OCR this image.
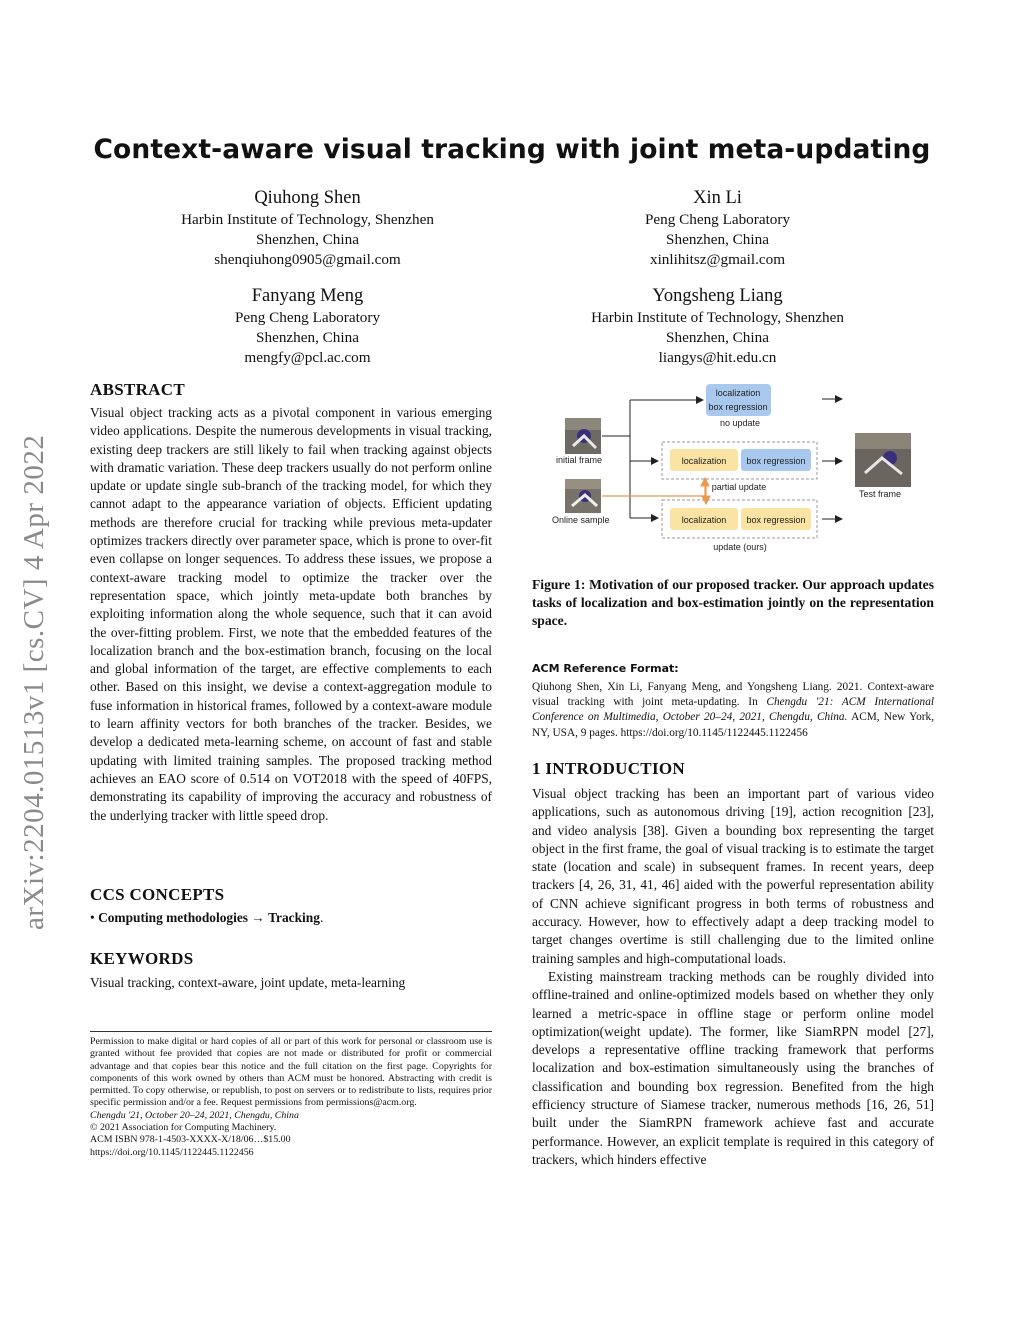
arXiv:2204.01513v1 [cs.CV] 4 Apr 2022
Context-aware visual tracking with joint meta-updating
Qiuhong Shen
Harbin Institute of Technology, Shenzhen
Shenzhen, China
shenqiuhong0905@gmail.com
Xin Li
Peng Cheng Laboratory
Shenzhen, China
xinlihitsz@gmail.com
Fanyang Meng
Peng Cheng Laboratory
Shenzhen, China
mengfy@pcl.ac.com
Yongsheng Liang
Harbin Institute of Technology, Shenzhen
Shenzhen, China
liangys@hit.edu.cn
ABSTRACT
Visual object tracking acts as a pivotal component in various emerging video applications. Despite the numerous developments in visual tracking, existing deep trackers are still likely to fail when tracking against objects with dramatic variation. These deep trackers usually do not perform online update or update single sub-branch of the tracking model, for which they cannot adapt to the appearance variation of objects. Efficient updating methods are therefore crucial for tracking while previous meta-updater optimizes trackers directly over parameter space, which is prone to over-fit even collapse on longer sequences. To address these issues, we propose a context-aware tracking model to optimize the tracker over the representation space, which jointly meta-update both branches by exploiting information along the whole sequence, such that it can avoid the over-fitting problem. First, we note that the embedded features of the localization branch and the box-estimation branch, focusing on the local and global information of the target, are effective complements to each other. Based on this insight, we devise a context-aggregation module to fuse information in historical frames, followed by a context-aware module to learn affinity vectors for both branches of the tracker. Besides, we develop a dedicated meta-learning scheme, on account of fast and stable updating with limited training samples. The proposed tracking method achieves an EAO score of 0.514 on VOT2018 with the speed of 40FPS, demonstrating its capability of improving the accuracy and robustness of the underlying tracker with little speed drop.
CCS CONCEPTS
• Computing methodologies → Tracking.
KEYWORDS
Visual tracking, context-aware, joint update, meta-learning
Permission to make digital or hard copies of all or part of this work for personal or classroom use is granted without fee provided that copies are not made or distributed for profit or commercial advantage and that copies bear this notice and the full citation on the first page. Copyrights for components of this work owned by others than ACM must be honored. Abstracting with credit is permitted. To copy otherwise, or republish, to post on servers or to redistribute to lists, requires prior specific permission and/or a fee. Request permissions from permissions@acm.org.
Chengdu '21, October 20–24, 2021, Chengdu, China
© 2021 Association for Computing Machinery.
ACM ISBN 978-1-4503-XXXX-X/18/06…$15.00
https://doi.org/10.1145/1122445.1122456
initial frame
Online sample
Test frame
localization
box regression
no update
localization box regression
partial update
localization box regression
update (ours)
Figure 1: Motivation of our proposed tracker. Our approach updates tasks of localization and box-estimation jointly on the representation space.
ACM Reference Format:
Qiuhong Shen, Xin Li, Fanyang Meng, and Yongsheng Liang. 2021. Context-aware visual tracking with joint meta-updating. In Chengdu '21: ACM International Conference on Multimedia, October 20–24, 2021, Chengdu, China. ACM, New York, NY, USA, 9 pages. https://doi.org/10.1145/1122445.1122456
1 INTRODUCTION

Visual object tracking has been an important part of various video applications, such as autonomous driving [19], action recognition [23], and video analysis [38]. Given a bounding box representing the target object in the first frame, the goal of visual tracking is to estimate the target state (location and scale) in subsequent frames. In recent years, deep trackers [4, 26, 31, 41, 46] aided with the powerful representation ability of CNN achieve significant progress in both terms of robustness and accuracy. However, how to effectively adapt a deep tracking model to target changes overtime is still challenging due to the limited online training samples and high-computational loads.

Existing mainstream tracking methods can be roughly divided into offline-trained and online-optimized models based on whether they only learned a metric-space in offline stage or perform online model optimization(weight update). The former, like SiamRPN model [27], develops a representative offline tracking framework that performs localization and box-estimation simultaneously using the branches of classification and bounding box regression. Benefited from the high efficiency structure of Siamese tracker, numerous methods [16, 26, 51] built under the SiamRPN framework achieve fast and accurate performance. However, an explicit template is required in this category of trackers, which hinders effective
